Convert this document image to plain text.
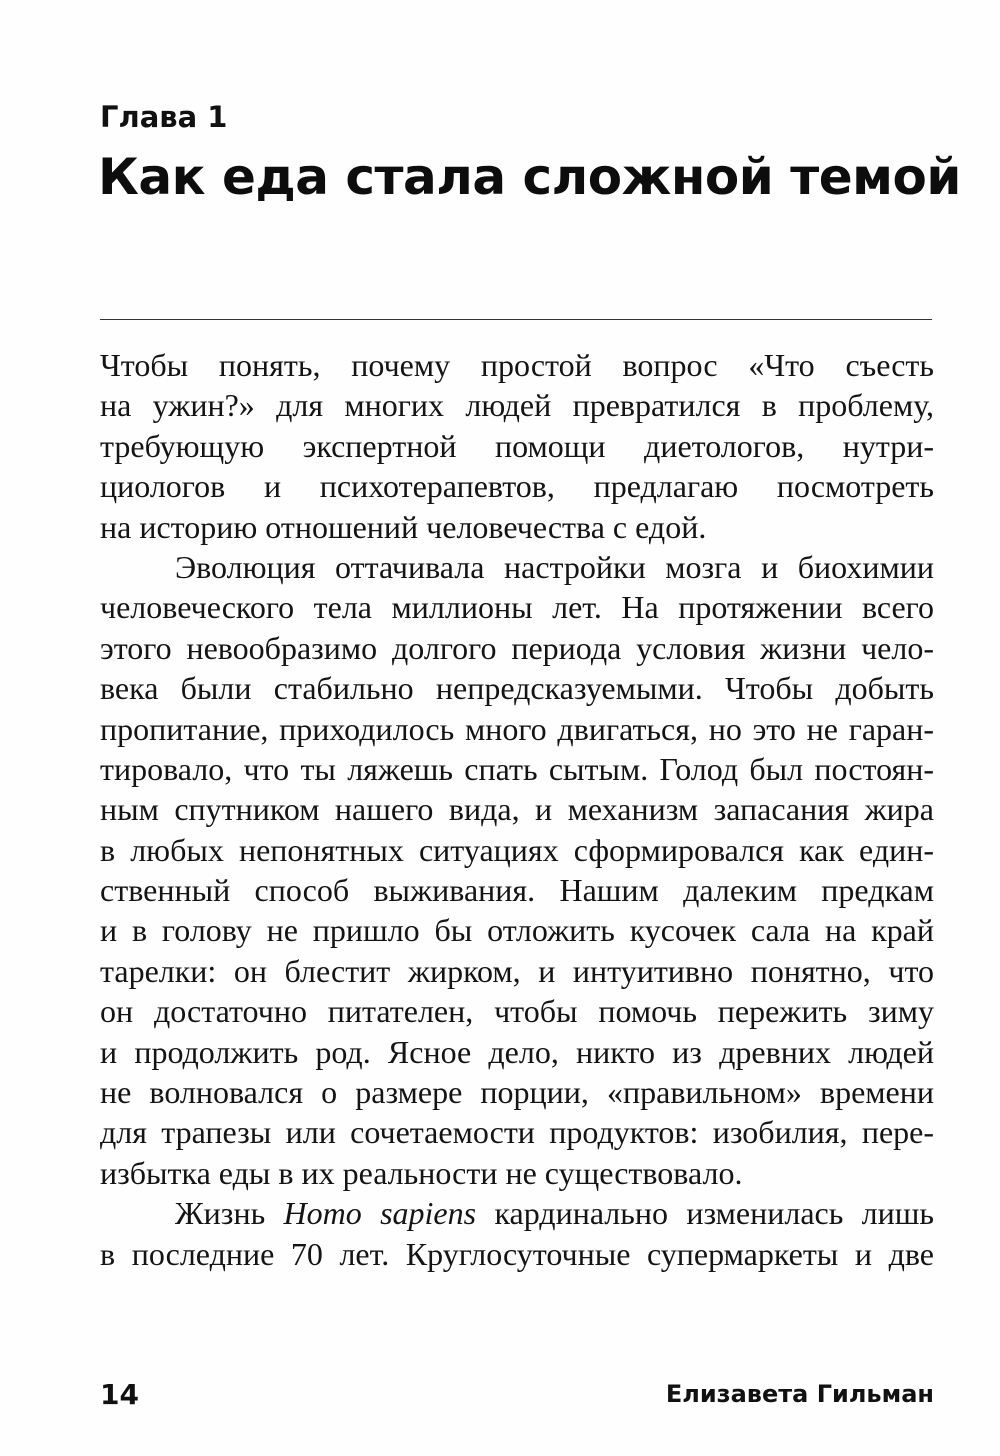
Глава 1
Как еда стала сложной темой
Чтобы понять, почему простой вопрос «Что съесть
на ужин?» для многих людей превратился в проблему,
требующую экспертной помощи диетологов, нутри-
циологов и психотерапевтов, предлагаю посмотреть
на историю отношений человечества с едой.
Эволюция оттачивала настройки мозга и биохимии
человеческого тела миллионы лет. На протяжении всего
этого невообразимо долгого периода условия жизни чело-
века были стабильно непредсказуемыми. Чтобы добыть
пропитание, приходилось много двигаться, но это не гаран-
тировало, что ты ляжешь спать сытым. Голод был постоян-
ным спутником нашего вида, и механизм запасания жира
в любых непонятных ситуациях сформировался как един-
ственный способ выживания. Нашим далеким предкам
и в голову не пришло бы отложить кусочек сала на край
тарелки: он блестит жирком, и интуитивно понятно, что
он достаточно питателен, чтобы помочь пережить зиму
и продолжить род. Ясное дело, никто из древних людей
не волновался о размере порции, «правильном» времени
для трапезы или сочетаемости продуктов: изобилия, пере-
избытка еды в их реальности не существовало.
Жизнь Homo sapiens кардинально изменилась лишь
в последние 70 лет. Круглосуточные супермаркеты и две
14	Елизавета Гильман
